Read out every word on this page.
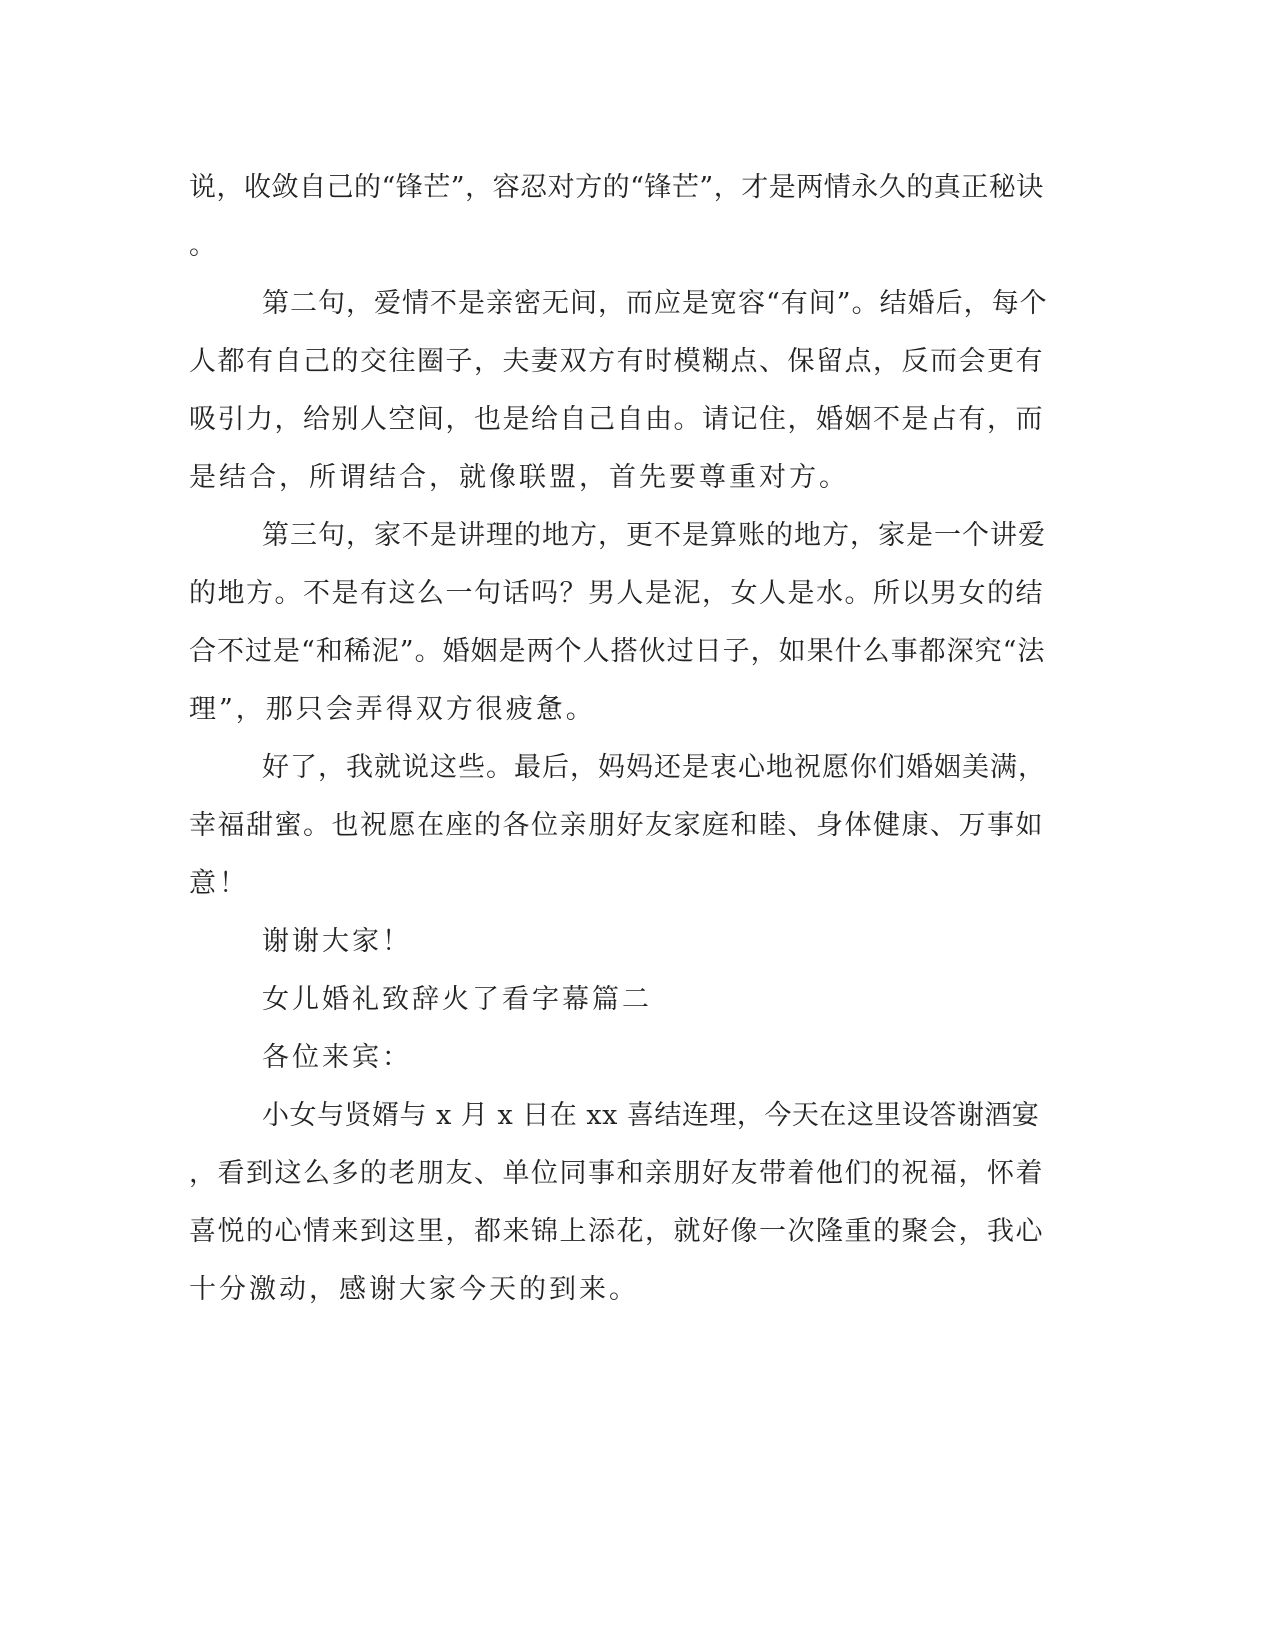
说，收敛自己的“锋芒”，容忍对方的“锋芒”，才是两情永久的真正秘诀
。
第二句，爱情不是亲密无间，而应是宽容“有间”。结婚后，每个
人都有自己的交往圈子，夫妻双方有时模糊点、保留点，反而会更有
吸引力，给别人空间，也是给自己自由。请记住，婚姻不是占有，而
是结合，所谓结合，就像联盟，首先要尊重对方。
第三句，家不是讲理的地方，更不是算账的地方，家是一个讲爱
的地方。不是有这么一句话吗？男人是泥，女人是水。所以男女的结
合不过是“和稀泥”。婚姻是两个人搭伙过日子，如果什么事都深究“法
理”，那只会弄得双方很疲惫。
好了，我就说这些。最后，妈妈还是衷心地祝愿你们婚姻美满，
幸福甜蜜。也祝愿在座的各位亲朋好友家庭和睦、身体健康、万事如
意！
谢谢大家！
女儿婚礼致辞火了看字幕篇二
各位来宾：
小女与贤婿与 x 月 x 日在 xx 喜结连理，今天在这里设答谢酒宴
，看到这么多的老朋友、单位同事和亲朋好友带着他们的祝福，怀着
喜悦的心情来到这里，都来锦上添花，就好像一次隆重的聚会，我心
十分激动，感谢大家今天的到来。
